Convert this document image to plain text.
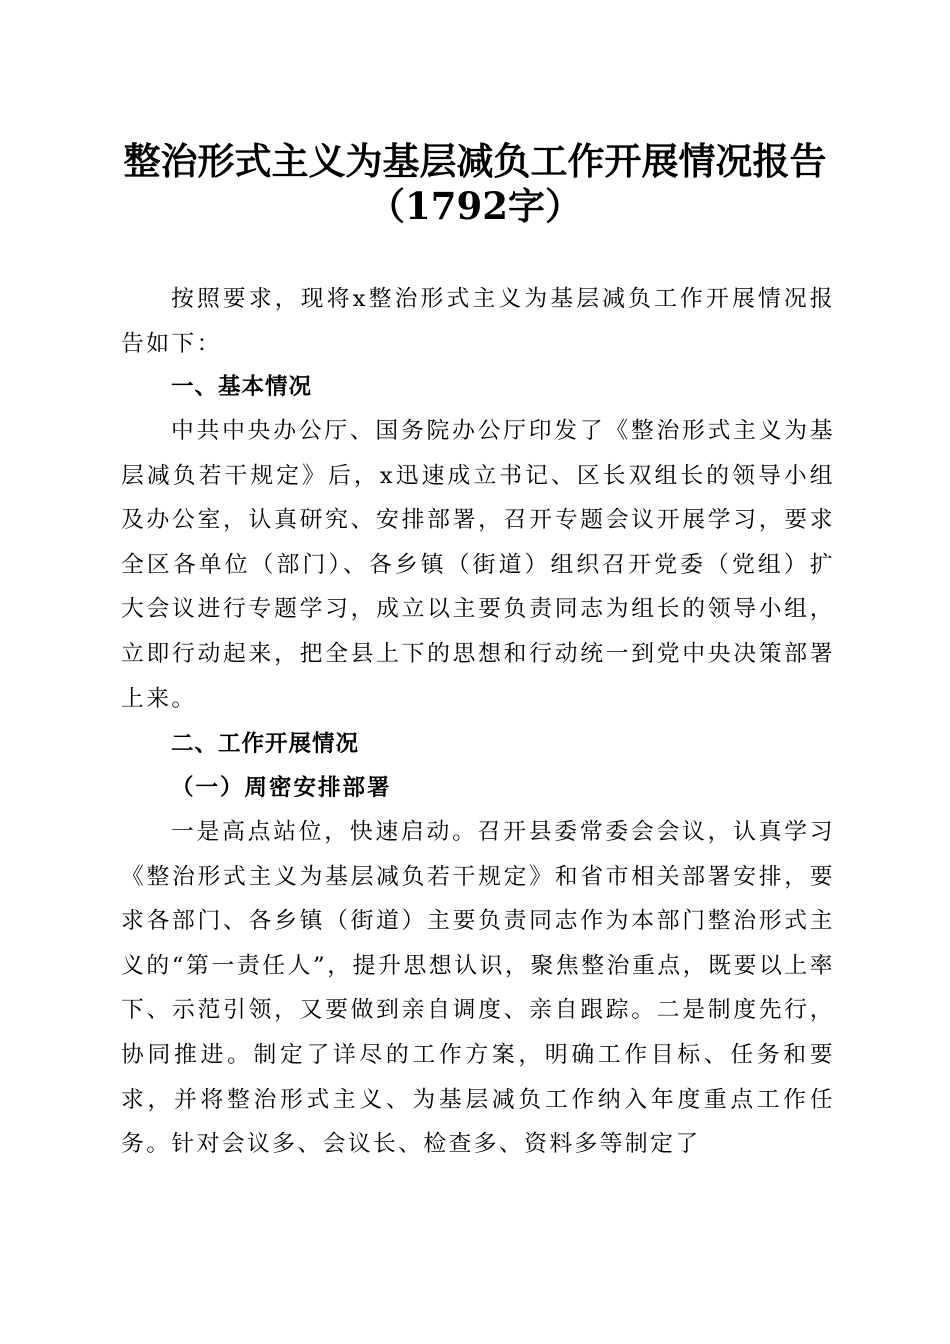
整治形式主义为基层减负工作开展情况报告
（1792字）

按照要求，现将x整治形式主义为基层减负工作开展情况报告如下：

一、基本情况

中共中央办公厅、国务院办公厅印发了《整治形式主义为基层减负若干规定》后，x迅速成立书记、区长双组长的领导小组及办公室，认真研究、安排部署，召开专题会议开展学习，要求全区各单位（部门）、各乡镇（街道）组织召开党委（党组）扩大会议进行专题学习，成立以主要负责同志为组长的领导小组，立即行动起来，把全县上下的思想和行动统一到党中央决策部署上来。

二、工作开展情况
（一）周密安排部署

一是高点站位，快速启动。召开县委常委会会议，认真学习《整治形式主义为基层减负若干规定》和省市相关部署安排，要求各部门、各乡镇（街道）主要负责同志作为本部门整治形式主义的“第一责任人”，提升思想认识，聚焦整治重点，既要以上率下、示范引领，又要做到亲自调度、亲自跟踪。二是制度先行，协同推进。制定了详尽的工作方案，明确工作目标、任务和要求，并将整治形式主义、为基层减负工作纳入年度重点工作任务。针对会议多、会议长、检查多、资料多等制定了
